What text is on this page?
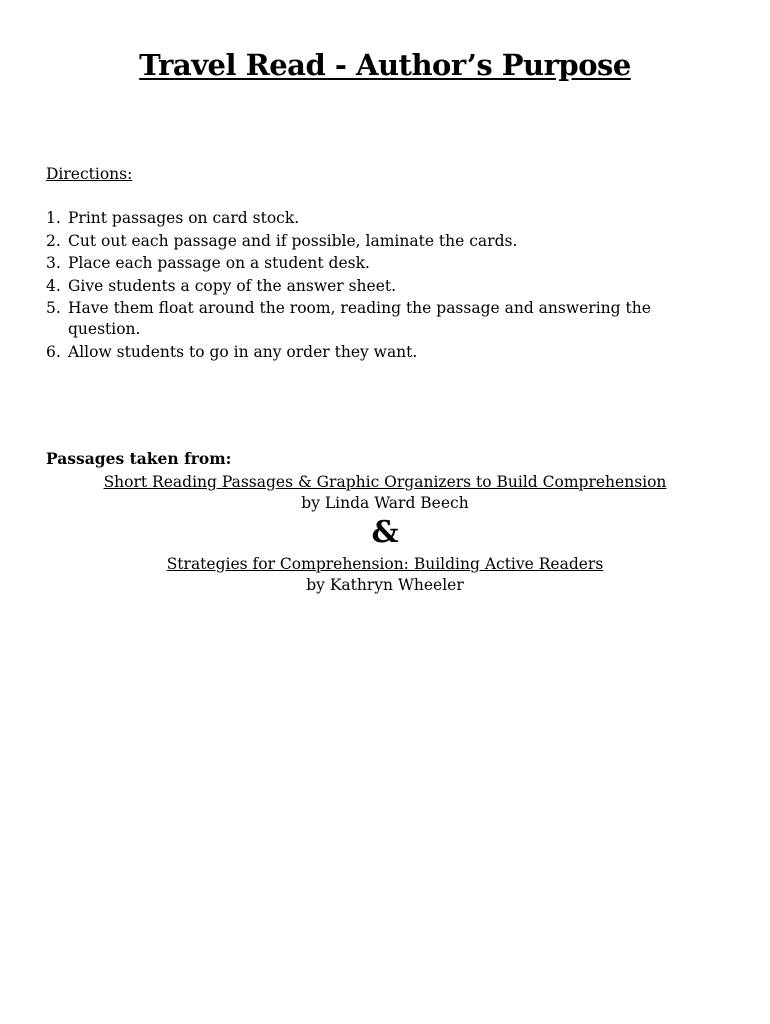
Travel Read - Author’s Purpose

Directions:

1. Print passages on card stock.
2. Cut out each passage and if possible, laminate the cards.
3. Place each passage on a student desk.
4. Give students a copy of the answer sheet.
5. Have them float around the room, reading the passage and answering the question.
6. Allow students to go in any order they want.

Passages taken from:

Short Reading Passages & Graphic Organizers to Build Comprehension
by Linda Ward Beech
&
Strategies for Comprehension: Building Active Readers
by Kathryn Wheeler
